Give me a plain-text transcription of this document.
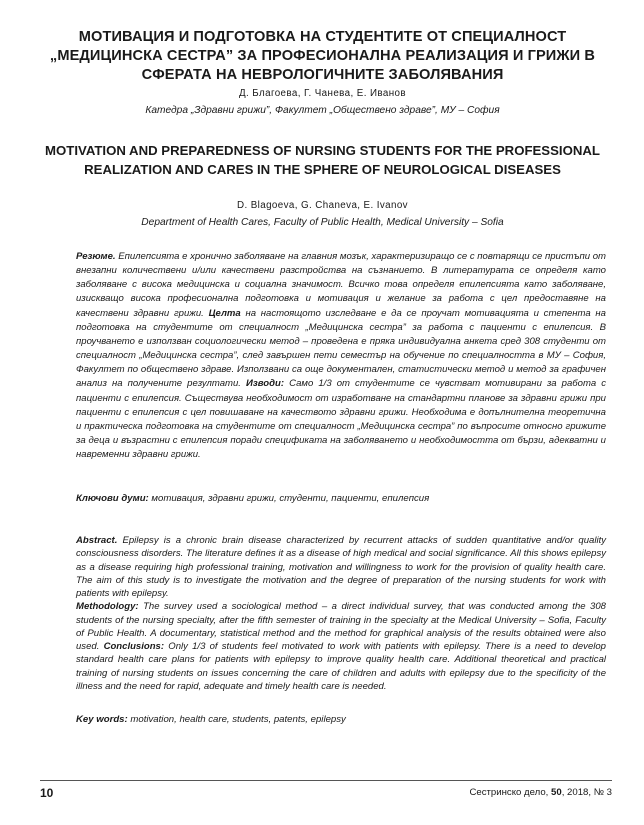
МОТИВАЦИЯ И ПОДГОТОВКА НА СТУДЕНТИТЕ ОТ СПЕЦИАЛНОСТ „МЕДИЦИНСКА СЕСТРА” ЗА ПРОФЕСИОНАЛНА РЕАЛИЗАЦИЯ И ГРИЖИ В СФЕРАТА НА НЕВРОЛОГИЧНИТЕ ЗАБОЛЯВАНИЯ
Д. Благоева, Г. Чанева, Е. Иванов
Катедра „Здравни грижи”, Факултет „Обществено здраве”, МУ – София
MOTIVATION AND PREPAREDNESS OF NURSING STUDENTS FOR THE PROFESSIONAL REALIZATION AND CARES IN THE SPHERE OF NEUROLOGICAL DISEASES
D. Blagoeva, G. Chaneva, E. Ivanov
Department of Health Cares, Faculty of Public Health, Medical University – Sofia

Резюме. Епилепсията е хронично заболяване на главния мозък, характеризиращо се с повтарящи се пристъпи от внезапни количествени и/или качествени разстройства на съзнанието. В литературата се определя като заболяване с висока медицинска и социална значимост. Всичко това определя епилепсията като заболяване, изискващо висока професионална подготовка и мотивация и желание за работа с цел предоставяне на качествени здравни грижи. Целта на настоящото изследване е да се проучат мотивацията и степента на подготовка на студентите от специалност „Медицинска сестра” за работа с пациенти с епилепсия. В проучването е използван социологически метод – проведена е пряка индивидуална анкета сред 308 студенти от специалност „Медицинска сестра”, след завършен пети семестър на обучение по специалността в МУ – София, Факултет по обществено здраве. Използвани са още документален, статистически метод и метод за графичен анализ на получените резултати. Изводи: Само 1/3 от студентите се чувстват мотивирани за работа с пациенти с епилепсия. Съществува необходимост от изработване на стандартни планове за здравни грижи при пациенти с епилепсия с цел повишаване на качеството здравни грижи. Необходима е допълнителна теоретична и практическа подготовка на студентите от специалност „Медицинска сестра” по въпросите относно грижите за деца и възрастни с епилепсия поради спецификата на заболяването и необходимостта от бързи, адекватни и навременни здравни грижи.

Ключови думи: мотивация, здравни грижи, студенти, пациенти, епилепсия

Abstract. Epilepsy is a chronic brain disease characterized by recurrent attacks of sudden quantitative and/or quality consciousness disorders. The literature defines it as a disease of high medical and social significance. All this shows epilepsy as a disease requiring high professional training, motivation and willingness to work for the provision of quality health care. The aim of this study is to investigate the motivation and the degree of preparation of the nursing students for work with patients with epilepsy.
Methodology: The survey used a sociological method – a direct individual survey, that was conducted among the 308 students of the nursing specialty, after the fifth semester of training in the specialty at the Medical University – Sofia, Faculty of Public Health. A documentary, statistical method and the method for graphical analysis of the results obtained were also used. Conclusions: Only 1/3 of students feel motivated to work with patients with epilepsy. There is a need to develop standard health care plans for patients with epilepsy to improve quality health care. Additional theoretical and practical training of nursing students on issues concerning the care of children and adults with epilepsy due to the specificity of the illness and the need for rapid, adequate and timely health care is needed.

Key words: motivation, health care, students, patents, epilepsy

10	Сестринско дело, 50, 2018, № 3
